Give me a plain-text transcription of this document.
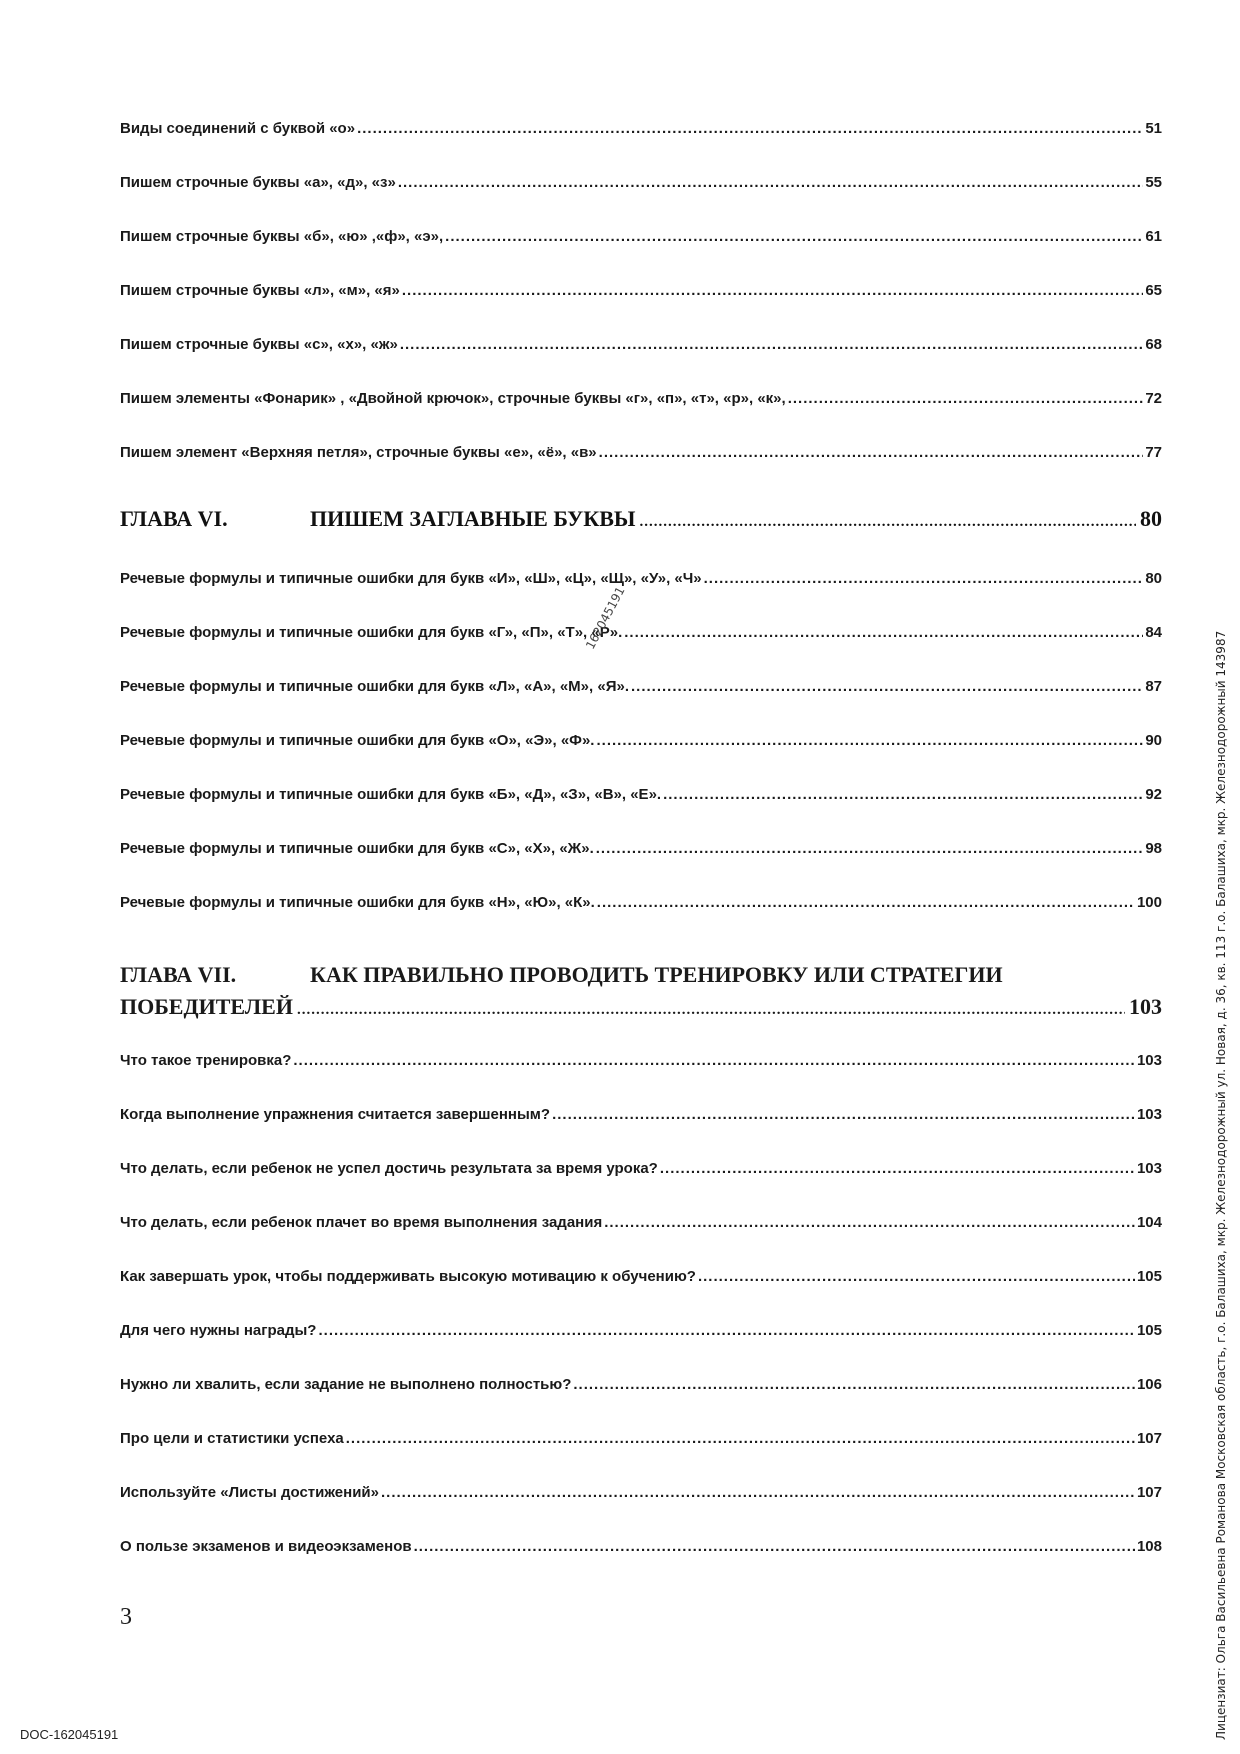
Виды соединений с буквой «о» .....	51
Пишем строчные буквы «а», «д», «з» .....	55
Пишем строчные буквы «б», «ю» ,«ф», «э», .....	61
Пишем строчные буквы «л», «м», «я» .....	65
Пишем строчные буквы «с», «х», «ж» .....	68
Пишем элементы «Фонарик» , «Двойной крючок», строчные буквы «г», «п», «т», «р», «к», .....	72
Пишем элемент «Верхняя петля», строчные буквы «е», «ё», «в» .....	77
ГЛАВА VI.	ПИШЕМ ЗАГЛАВНЫЕ БУКВЫ .....	80
Речевые формулы и типичные ошибки для букв «И», «Ш», «Ц», «Щ», «У», «Ч» .....	80
Речевые формулы и типичные ошибки для букв «Г», «П», «Т», «Р». .....	84
Речевые формулы и типичные ошибки для букв «Л», «А», «М», «Я». .....	87
Речевые формулы и типичные ошибки для букв «О», «Э», «Ф». .....	90
Речевые формулы и типичные ошибки для букв «Б», «Д», «З», «В», «Е». .....	92
Речевые формулы и типичные ошибки для букв «С», «Х», «Ж». .....	98
Речевые формулы и типичные ошибки для букв «Н», «Ю», «К». .....	100
ГЛАВА VII.	КАК ПРАВИЛЬНО ПРОВОДИТЬ ТРЕНИРОВКУ ИЛИ СТРАТЕГИИ
ПОБЕДИТЕЛЕЙ .....	103
Что такое тренировка? .....	103
Когда выполнение упражнения считается завершенным? .....	103
Что делать, если ребенок не успел достичь результата за время урока? .....	103
Что делать, если ребенок плачет во время выполнения задания .....	104
Как завершать урок, чтобы поддерживать высокую мотивацию к обучению? .....	105
Для чего нужны награды? .....	105
Нужно ли хвалить, если задание не выполнено полностью? .....	106
Про цели и статистики успеха .....	107
Используйте «Листы достижений» .....	107
О пользе экзаменов и видеоэкзаменов .....	108
3
DOC-162045191
162045191
Лицензиат: Ольга Васильевна Романова Московская область, г.о. Балашиха, мкр. Железнодорожный ул. Новая, д. 36, кв. 113 г.о. Балашиха, мкр. Железнодорожный 143987
